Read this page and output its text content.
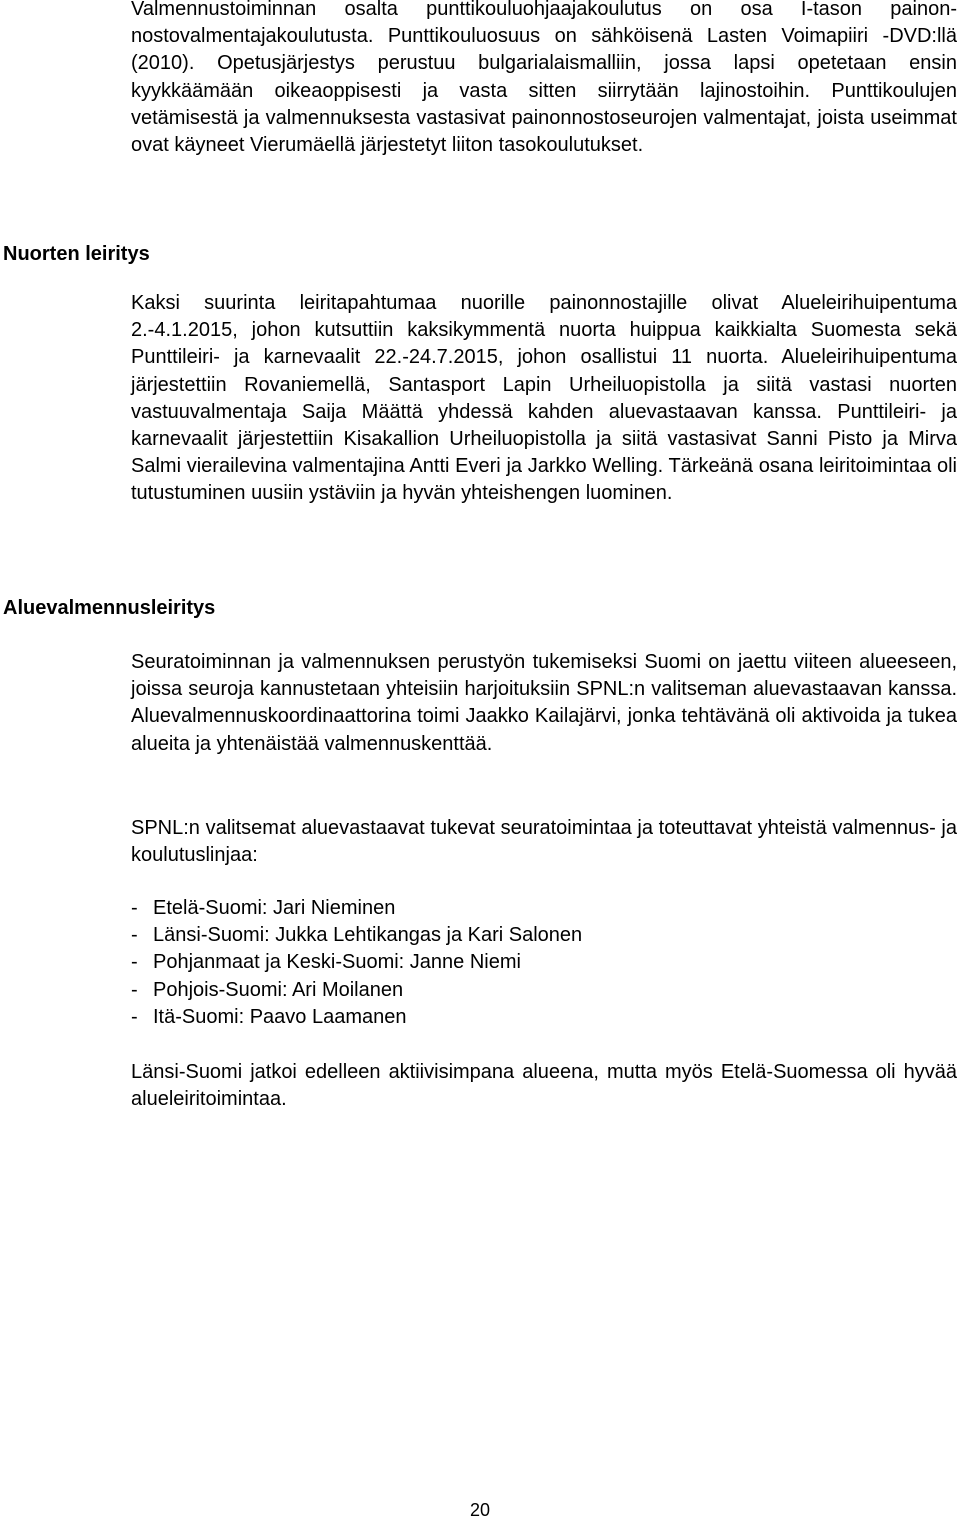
Valmennustoiminnan osalta punttikouluohjaajakoulutus on osa I-tason painonnostovalmentajakoulutusta. Punttikouluosuus on sähköisenä Lasten Voimapiiri -DVD:llä (2010). Opetusjärjestys perustuu bulgarialaismalliin, jossa lapsi opetetaan ensin kyykkäämään oikeaoppisesti ja vasta sitten siirrytään lajinostoihin. Punttikoulujen vetämisestä ja valmennuksesta vastasivat painonnostoseurojen valmentajat, joista useimmat ovat käyneet Vierumäellä järjestetyt liiton tasokoulutukset.

Nuorten leiritys

Kaksi suurinta leiritapahtumaa nuorille painonnostajille olivat Alueleirihuipentuma 2.-4.1.2015, johon kutsuttiin kaksikymmentä nuorta huippua kaikkialta Suomesta sekä Punttileiri- ja karnevaalit 22.-24.7.2015, johon osallistui 11 nuorta. Alueleirihuipentuma järjestettiin Rovaniemellä, Santasport Lapin Urheiluopistolla ja siitä vastasi nuorten vastuuvalmentaja Saija Määttä yhdessä kahden aluevastaavan kanssa. Punttileiri- ja karnevaalit järjestettiin Kisakallion Urheiluopistolla ja siitä vastasivat Sanni Pisto ja Mirva Salmi vierailevina valmentajina Antti Everi ja Jarkko Welling. Tärkeänä osana leiritoimintaa oli tutustuminen uusiin ystäviin ja hyvän yhteishengen luominen.

Aluevalmennusleiritys

Seuratoiminnan ja valmennuksen perustyön tukemiseksi Suomi on jaettu viiteen alueeseen, joissa seuroja kannustetaan yhteisiin harjoituksiin SPNL:n valitseman aluevastaavan kanssa. Aluevalmennuskoordinaattorina toimi Jaakko Kailajärvi, jonka tehtävänä oli aktivoida ja tukea alueita ja yhtenäistää valmennuskenttää.

SPNL:n valitsemat aluevastaavat tukevat seuratoimintaa ja toteuttavat yhteistä valmennus- ja koulutuslinjaa:

- Etelä-Suomi: Jari Nieminen
- Länsi-Suomi: Jukka Lehtikangas ja Kari Salonen
- Pohjanmaat ja Keski-Suomi: Janne Niemi
- Pohjois-Suomi: Ari Moilanen
- Itä-Suomi: Paavo Laamanen

Länsi-Suomi jatkoi edelleen aktiivisimpana alueena, mutta myös Etelä-Suomessa oli hyvää alueleiritoimintaa.

20
